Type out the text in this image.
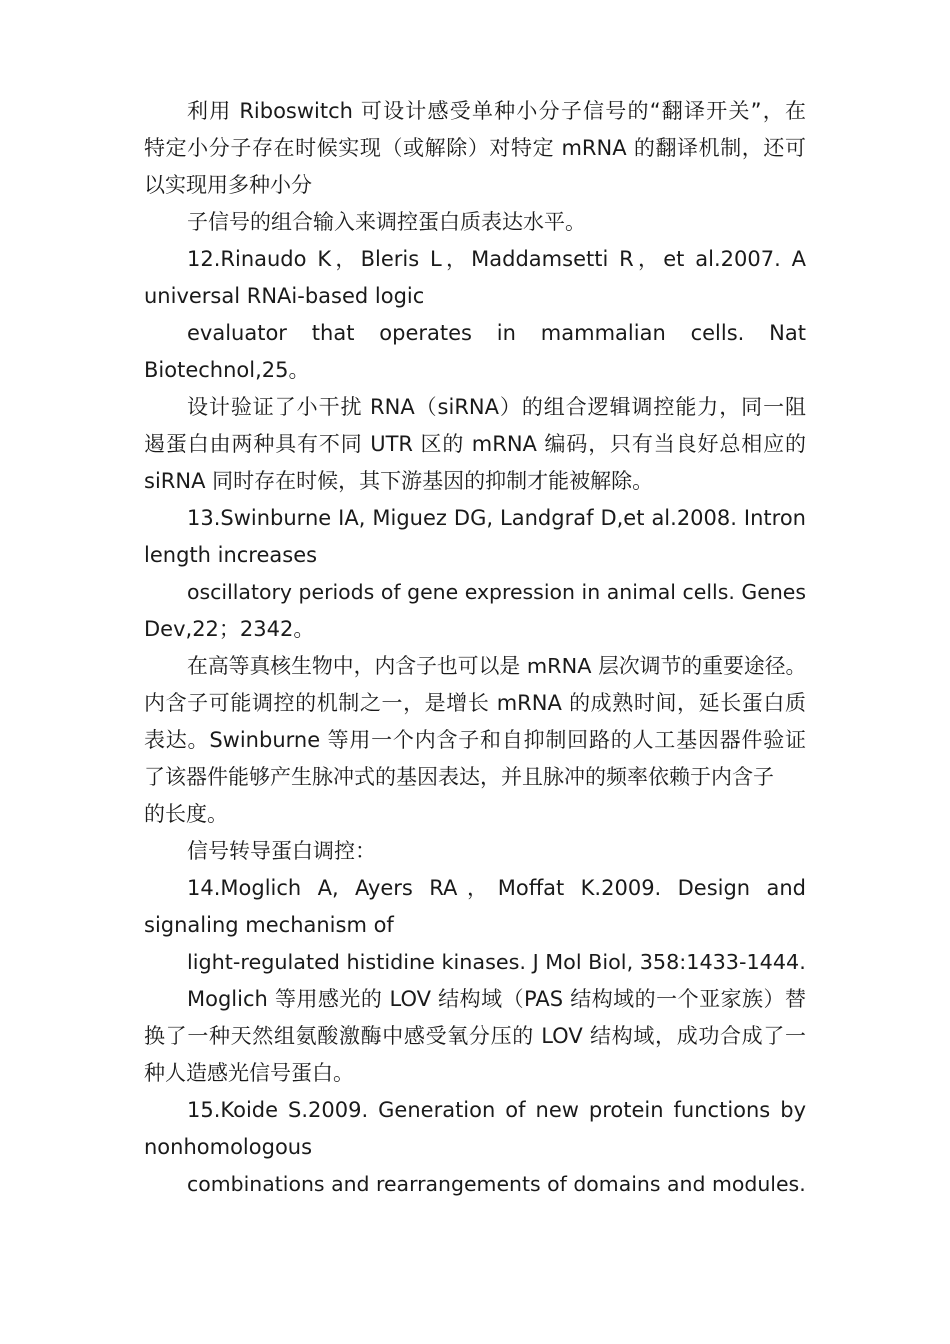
利用 Riboswitch 可设计感受单种小分子信号的“翻译开关”，在
特定小分子存在时候实现（或解除）对特定 mRNA 的翻译机制，还可
以实现用多种小分
子信号的组合输入来调控蛋白质表达水平。
12.Rinaudo K，Bleris L，Maddamsetti R，et al.2007. A
universal RNAi-based logic
evaluator that operates in mammalian cells. Nat
Biotechnol,25。
设计验证了小干扰 RNA（siRNA）的组合逻辑调控能力，同一阻
遏蛋白由两种具有不同 UTR 区的 mRNA 编码，只有当良好总相应的
siRNA 同时存在时候，其下游基因的抑制才能被解除。
13.Swinburne IA, Miguez DG, Landgraf D,et al.2008. Intron
length increases
oscillatory periods of gene expression in animal cells. Genes
Dev,22；2342。
在高等真核生物中，内含子也可以是 mRNA 层次调节的重要途径。
内含子可能调控的机制之一，是增长 mRNA 的成熟时间，延长蛋白质
表达。Swinburne 等用一个内含子和自抑制回路的人工基因器件验证
了该器件能够产生脉冲式的基因表达，并且脉冲的频率依赖于内含子
的长度。
信号转导蛋白调控：
14.Moglich A, Ayers RA，Moffat K.2009. Design and
signaling mechanism of
light-regulated histidine kinases. J Mol Biol, 358:1433-1444.
Moglich 等用感光的 LOV 结构域（PAS 结构域的一个亚家族）替
换了一种天然组氨酸激酶中感受氧分压的 LOV 结构域，成功合成了一
种人造感光信号蛋白。
15.Koide S.2009. Generation of new protein functions by
nonhomologous
combinations and rearrangements of domains and modules.
